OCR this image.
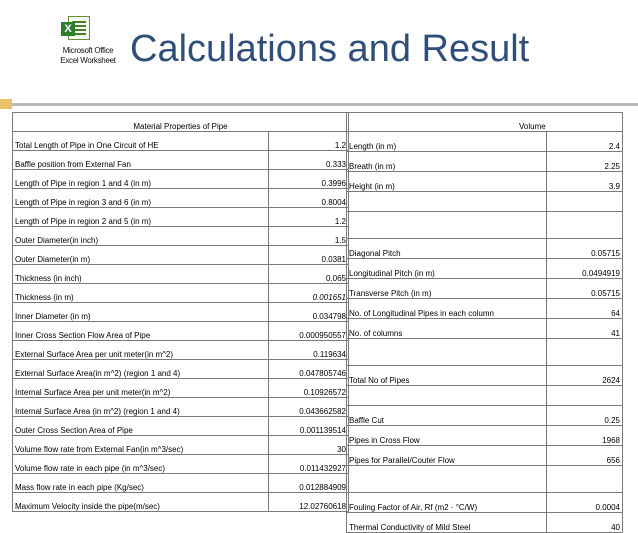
X
Microsoft Office
Excel Worksheet Calculations and Result
Material Properties of Pipe	
Total Length of Pipe in One Circuit of HE	1.2
Baffle position from External Fan	0.333
Length of Pipe in region 1 and 4 (in m)	0.3996
Length of Pipe in region 3 and 6 (in m)	0.8004
Length of Pipe in region 2 and 5 (in m)	1.2
Outer Diameter(in inch)	1.5
Outer Diameter(in m)	0.0381
Thickness (in inch)	0.065
Thickness (in m)	0.001651
Inner Diameter (in m)	0.034798
Inner Cross Section Flow Area of Pipe	0.000950557
External Surface Area per unit meter(in m^2)	0.119634
External Surface Area(in m^2) (region 1 and 4)	0.047805746
Internal Surface Area per unit meter(in m^2)	0.10926572
Internal Surface Area (in m^2) (region 1 and 4)	0.043662582
Outer Cross Section Area of Pipe	0.001139514
Volume flow rate from External Fan(in m^3/sec)	30
Volume flow rate in each pipe (in m^3/sec)	0.011432927
Mass flow rate in each pipe (Kg/sec)	0.012884909
Maximum Velocity inside the pipe(m/sec)	12.02760618
Volume	
Length (in m)	2.4
Breath (in m)	2.25
Height (in m)	3.9

Diagonal Pitch	0.05715
Longitudinal Pitch (in m)	0.0494919
Transverse Pitch (in m)	0.05715
No. of Longitudinal Pipes in each column	64
No. of columns	41

Total No of Pipes	2624

Baffle Cut	0.25
Pipes in Cross Flow	1968
Pipes for Parallel/Couter Flow	656

Fouling Factor of Air, Rf (m2 · °C/W)	0.0004
Thermal Conductivity of Mild Steel	40
